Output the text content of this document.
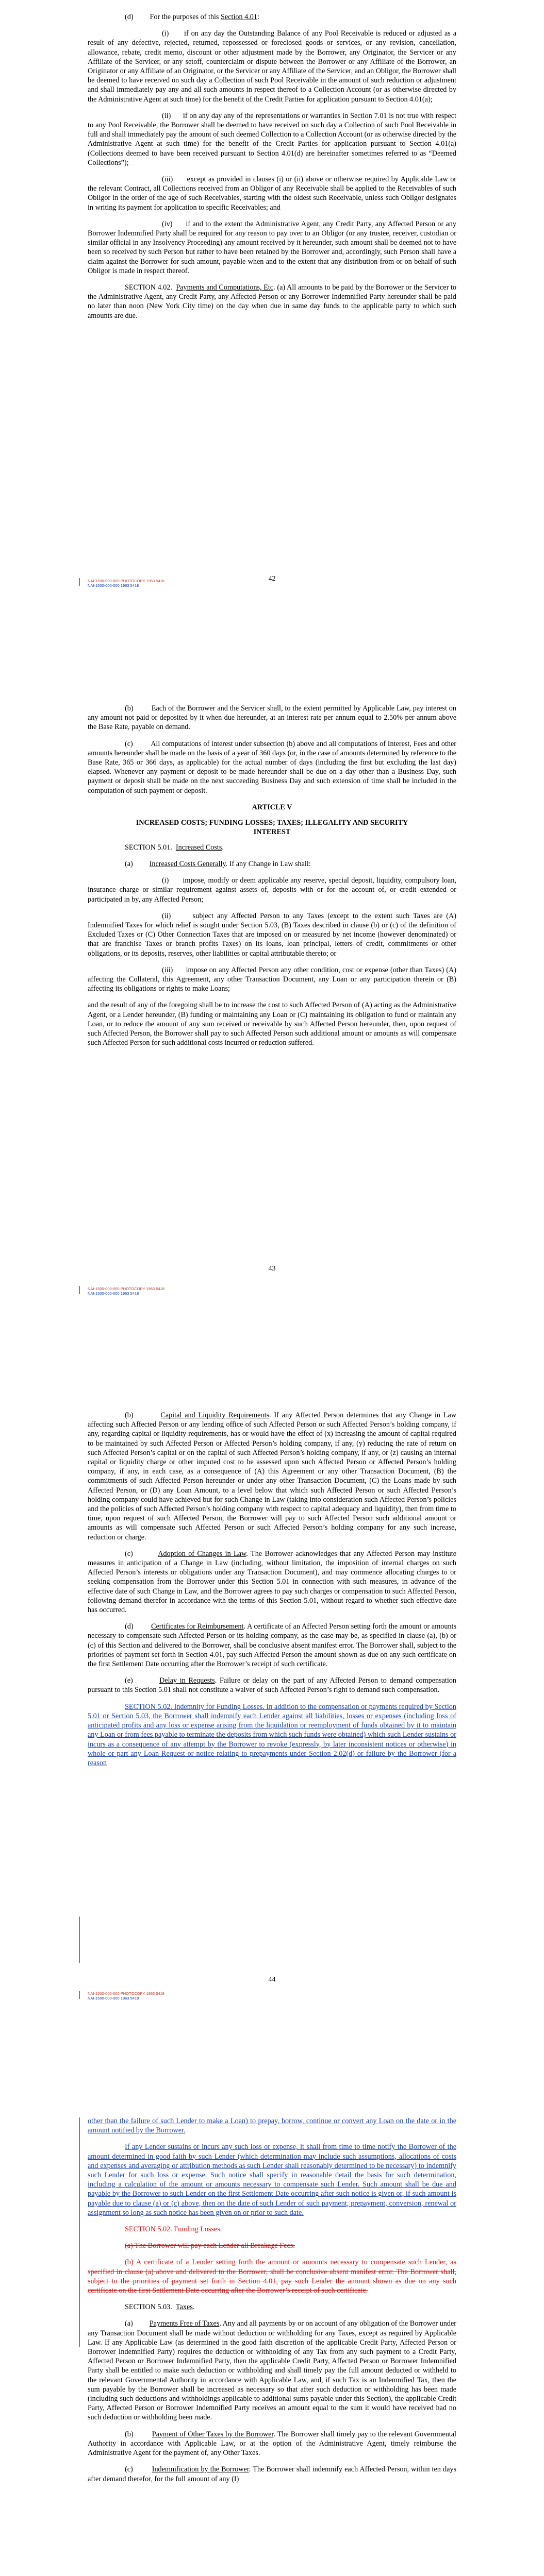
(d) For the purposes of this Section 4.01:

(i) if on any day the Outstanding Balance of any Pool Receivable is reduced or adjusted as a result of any defective, rejected, returned, repossessed or foreclosed goods or services, or any revision, cancellation, allowance, rebate, credit memo, discount or other adjustment made by the Borrower, any Originator, the Servicer or any Affiliate of the Servicer, or any setoff, counterclaim or dispute between the Borrower or any Affiliate of the Borrower, an Originator or any Affiliate of an Originator, or the Servicer or any Affiliate of the Servicer, and an Obligor, the Borrower shall be deemed to have received on such day a Collection of such Pool Receivable in the amount of such reduction or adjustment and shall immediately pay any and all such amounts in respect thereof to a Collection Account (or as otherwise directed by the Administrative Agent at such time) for the benefit of the Credit Parties for application pursuant to Section 4.01(a);

(ii) if on any day any of the representations or warranties in Section 7.01 is not true with respect to any Pool Receivable, the Borrower shall be deemed to have received on such day a Collection of such Pool Receivable in full and shall immediately pay the amount of such deemed Collection to a Collection Account (or as otherwise directed by the Administrative Agent at such time) for the benefit of the Credit Parties for application pursuant to Section 4.01(a) (Collections deemed to have been received pursuant to Section 4.01(d) are hereinafter sometimes referred to as “Deemed Collections”);

(iii) except as provided in clauses (i) or (ii) above or otherwise required by Applicable Law or the relevant Contract, all Collections received from an Obligor of any Receivable shall be applied to the Receivables of such Obligor in the order of the age of such Receivables, starting with the oldest such Receivable, unless such Obligor designates in writing its payment for application to specific Receivables; and

(iv) if and to the extent the Administrative Agent, any Credit Party, any Affected Person or any Borrower Indemnified Party shall be required for any reason to pay over to an Obligor (or any trustee, receiver, custodian or similar official in any Insolvency Proceeding) any amount received by it hereunder, such amount shall be deemed not to have been so received by such Person but rather to have been retained by the Borrower and, accordingly, such Person shall have a claim against the Borrower for such amount, payable when and to the extent that any distribution from or on behalf of such Obligor is made in respect thereof.

SECTION 4.02. Payments and Computations, Etc. (a) All amounts to be paid by the Borrower or the Servicer to the Administrative Agent, any Credit Party, any Affected Person or any Borrower Indemnified Party hereunder shall be paid no later than noon (New York City time) on the day when due in same day funds to the applicable party to which such amounts are due.

42
NAI-1500-000-000 PHOTOCOPY 1963 5418
NAI-1500-000-000 1963 5418

(b) Each of the Borrower and the Servicer shall, to the extent permitted by Applicable Law, pay interest on any amount not paid or deposited by it when due hereunder, at an interest rate per annum equal to 2.50% per annum above the Base Rate, payable on demand.

(c) All computations of interest under subsection (b) above and all computations of Interest, Fees and other amounts hereunder shall be made on the basis of a year of 360 days (or, in the case of amounts determined by reference to the Base Rate, 365 or 366 days, as applicable) for the actual number of days (including the first but excluding the last day) elapsed. Whenever any payment or deposit to be made hereunder shall be due on a day other than a Business Day, such payment or deposit shall be made on the next succeeding Business Day and such extension of time shall be included in the computation of such payment or deposit.

ARTICLE V
INCREASED COSTS; FUNDING LOSSES; TAXES; ILLEGALITY AND SECURITY INTEREST

SECTION 5.01. Increased Costs.

(a) Increased Costs Generally. If any Change in Law shall:

(i) impose, modify or deem applicable any reserve, special deposit, liquidity, compulsory loan, insurance charge or similar requirement against assets of, deposits with or for the account of, or credit extended or participated in by, any Affected Person;

(ii)	subject any Affected Person to any Taxes (except to the extent such Taxes are (A) Indemnified Taxes for which relief is sought under Section 5.03, (B) Taxes described in clause (b) or (c) of the definition of Excluded Taxes or (C) Other Connection Taxes that are imposed on or measured by net income (however denominated) or that are franchise Taxes or branch profits Taxes) on its loans, loan principal, letters of credit, commitments or other obligations, or its deposits, reserves, other liabilities or capital attributable thereto; or

(iii) impose on any Affected Person any other condition, cost or expense (other than Taxes) (A) affecting the Collateral, this Agreement, any other Transaction Document, any Loan or any participation therein or (B) affecting its obligations or rights to make Loans;

and the result of any of the foregoing shall be to increase the cost to such Affected Person of (A) acting as the Administrative Agent, or a Lender hereunder, (B) funding or maintaining any Loan or (C) maintaining its obligation to fund or maintain any Loan, or to reduce the amount of any sum received or receivable by such Affected Person hereunder, then, upon request of such Affected Person, the Borrower shall pay to such Affected Person such additional amount or amounts as will compensate such Affected Person for such additional costs incurred or reduction suffered.

43
NAI-1500-000-000 PHOTOCOPY 1963 5418
NAI-1500-000-000 1963 5418

(b)	Capital and Liquidity Requirements. If any Affected Person determines that any Change in Law affecting such Affected Person or any lending office of such Affected Person or such Affected Person’s holding company, if any, regarding capital or liquidity requirements, has or would have the effect of (x) increasing the amount of capital required to be maintained by such Affected Person or Affected Person’s holding company, if any, (y) reducing the rate of return on such Affected Person’s capital or on the capital of such Affected Person’s holding company, if any, or (z) causing an internal capital or liquidity charge or other imputed cost to be assessed upon such Affected Person or Affected Person’s holding company, if any, in each case, as a consequence of (A) this Agreement or any other Transaction Document, (B) the commitments of such Affected Person hereunder or under any other Transaction Document, (C) the Loans made by such Affected Person, or (D) any Loan Amount, to a level below that which such Affected Person or such Affected Person’s holding company could have achieved but for such Change in Law (taking into consideration such Affected Person’s policies and the policies of such Affected Person’s holding company with respect to capital adequacy and liquidity), then from time to time, upon request of such Affected Person, the Borrower will pay to such Affected Person such additional amount or amounts as will compensate such Affected Person or such Affected Person’s holding company for any such increase, reduction or charge.

(c)	Adoption of Changes in Law. The Borrower acknowledges that any Affected Person may institute measures in anticipation of a Change in Law (including, without limitation, the imposition of internal charges on such Affected Person’s interests or obligations under any Transaction Document), and may commence allocating charges to or seeking compensation from the Borrower under this Section 5.01 in connection with such measures, in advance of the effective date of such Change in Law, and the Borrower agrees to pay such charges or compensation to such Affected Person, following demand therefor in accordance with the terms of this Section 5.01, without regard to whether such effective date has occurred.

(d) Certificates for Reimbursement. A certificate of an Affected Person setting forth the amount or amounts necessary to compensate such Affected Person or its holding company, as the case may be, as specified in clause (a), (b) or (c) of this Section and delivered to the Borrower, shall be conclusive absent manifest error. The Borrower shall, subject to the priorities of payment set forth in Section 4.01, pay such Affected Person the amount shown as due on any such certificate on the first Settlement Date occurring after the Borrower’s receipt of such certificate.

(e)	Delay in Requests. Failure or delay on the part of any Affected Person to demand compensation pursuant to this Section 5.01 shall not constitute a waiver of such Affected Person’s right to demand such compensation.

SECTION 5.02. Indemnity for Funding Losses. In addition to the compensation or payments required by Section 5.01 or Section 5.03, the Borrower shall indemnify each Lender against all liabilities, losses or expenses (including loss of anticipated profits and any loss or expense arising from the liquidation or reemployment of funds obtained by it to maintain any Loan or from fees payable to terminate the deposits from which such funds were obtained) which such Lender sustains or incurs as a consequence of any attempt by the Borrower to revoke (expressly, by later inconsistent notices or otherwise) in whole or part any Loan Request or notice relating to prepayments under Section 2.02(d) or failure by the Borrower (for a reason

44
NAI-1500-000-000 PHOTOCOPY 1963 5418
NAI-1500-000-000 1963 5418

other than the failure of such Lender to make a Loan) to prepay, borrow, continue or convert any Loan on the date or in the amount notified by the Borrower.

If any Lender sustains or incurs any such loss or expense, it shall from time to time notify the Borrower of the amount determined in good faith by such Lender (which determination may include such assumptions, allocations of costs and expenses and averaging or attribution methods as such Lender shall reasonably determined to be necessary) to indemnify such Lender for such loss or expense. Such notice shall specify in reasonable detail the basis for such determination, including a calculation of the amount or amounts necessary to compensate such Lender. Such amount shall be due and payable by the Borrower to such Lender on the first Settlement Date occurring after such notice is given or, if such amount is payable due to clause (a) or (c) above, then on the date of such Lender of such payment, prepayment, conversion, renewal or assignment so long as such notice has been given on or prior to such date.

SECTION 5.02. Funding Losses.

(a) The Borrower will pay each Lender all Breakage Fees.

(b) A certificate of a Lender setting forth the amount or amounts necessary to compensate such Lender, as specified in clause (a) above and delivered to the Borrower, shall be conclusive absent manifest error. The Borrower shall, subject to the priorities of payment set forth in Section 4.01, pay such Lender the amount shown as due on any such certificate on the first Settlement Date occurring after the Borrower’s receipt of such certificate.

SECTION 5.03. Taxes.

(a) Payments Free of Taxes. Any and all payments by or on account of any obligation of the Borrower under any Transaction Document shall be made without deduction or withholding for any Taxes, except as required by Applicable Law. If any Applicable Law (as determined in the good faith discretion of the applicable Credit Party, Affected Person or Borrower Indemnified Party) requires the deduction or withholding of any Tax from any such payment to a Credit Party, Affected Person or Borrower Indemnified Party, then the applicable Credit Party, Affected Person or Borrower Indemnified Party shall be entitled to make such deduction or withholding and shall timely pay the full amount deducted or withheld to the relevant Governmental Authority in accordance with Applicable Law, and, if such Tax is an Indemnified Tax, then the sum payable by the Borrower shall be increased as necessary so that after such deduction or withholding has been made (including such deductions and withholdings applicable to additional sums payable under this Section), the applicable Credit Party, Affected Person or Borrower Indemnified Party receives an amount equal to the sum it would have received had no such deduction or withholding been made.

(b)	Payment of Other Taxes by the Borrower. The Borrower shall timely pay to the relevant Governmental Authority in accordance with Applicable Law, or at the option of the Administrative Agent, timely reimburse the Administrative Agent for the payment of, any Other Taxes.

(c)	Indemnification by the Borrower. The Borrower shall indemnify each Affected Person, within ten days after demand therefor, for the full amount of any (I)
